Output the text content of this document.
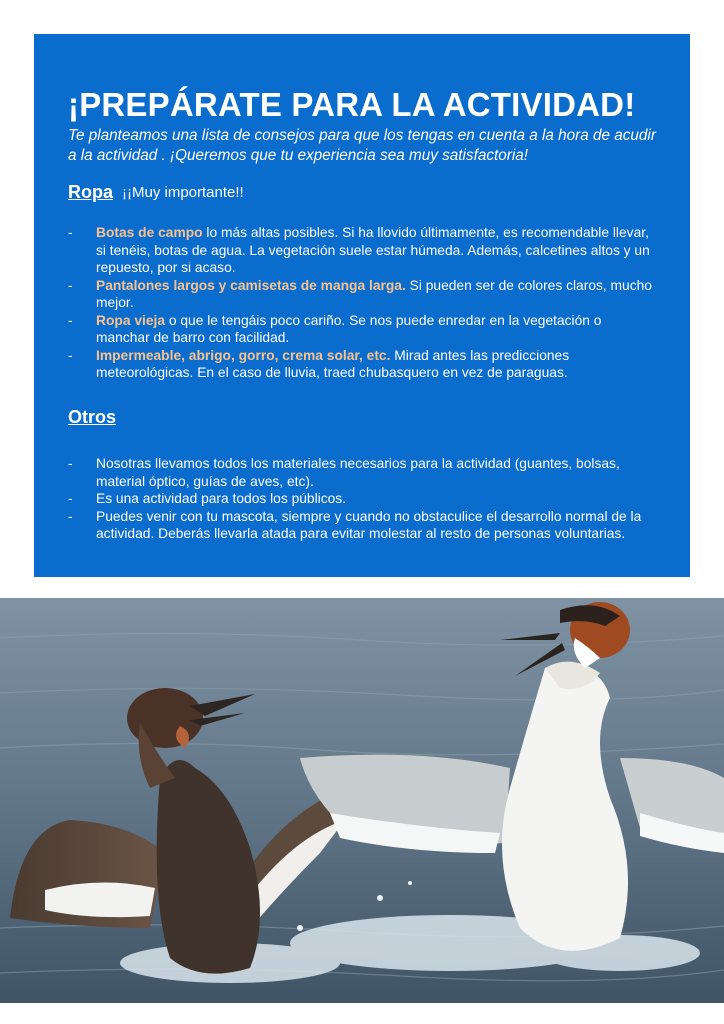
¡PREPÁRATE PARA LA ACTIVIDAD!
Te planteamos una lista de consejos para que los tengas en cuenta a la hora de acudir a la actividad . ¡Queremos que tu experiencia sea muy satisfactoria!
Ropa ¡¡Muy importante!!
- Botas de campo lo más altas posibles. Si ha llovido últimamente, es recomendable llevar, si tenéis, botas de agua. La vegetación suele estar húmeda. Además, calcetines altos y un repuesto, por si acaso.
- Pantalones largos y camisetas de manga larga. Si pueden ser de colores claros, mucho mejor.
- Ropa vieja o que le tengáis poco cariño. Se nos puede enredar en la vegetación o manchar de barro con facilidad.
- Impermeable, abrigo, gorro, crema solar, etc. Mirad antes las predicciones meteorológicas. En el caso de lluvia, traed chubasquero en vez de paraguas.
Otros
- Nosotras llevamos todos los materiales necesarios para la actividad (guantes, bolsas, material óptico, guías de aves, etc).
- Es una actividad para todos los públicos.
- Puedes venir con tu mascota, siempre y cuando no obstaculice el desarrollo normal de la actividad. Deberás llevarla atada para evitar molestar al resto de personas voluntarias.
